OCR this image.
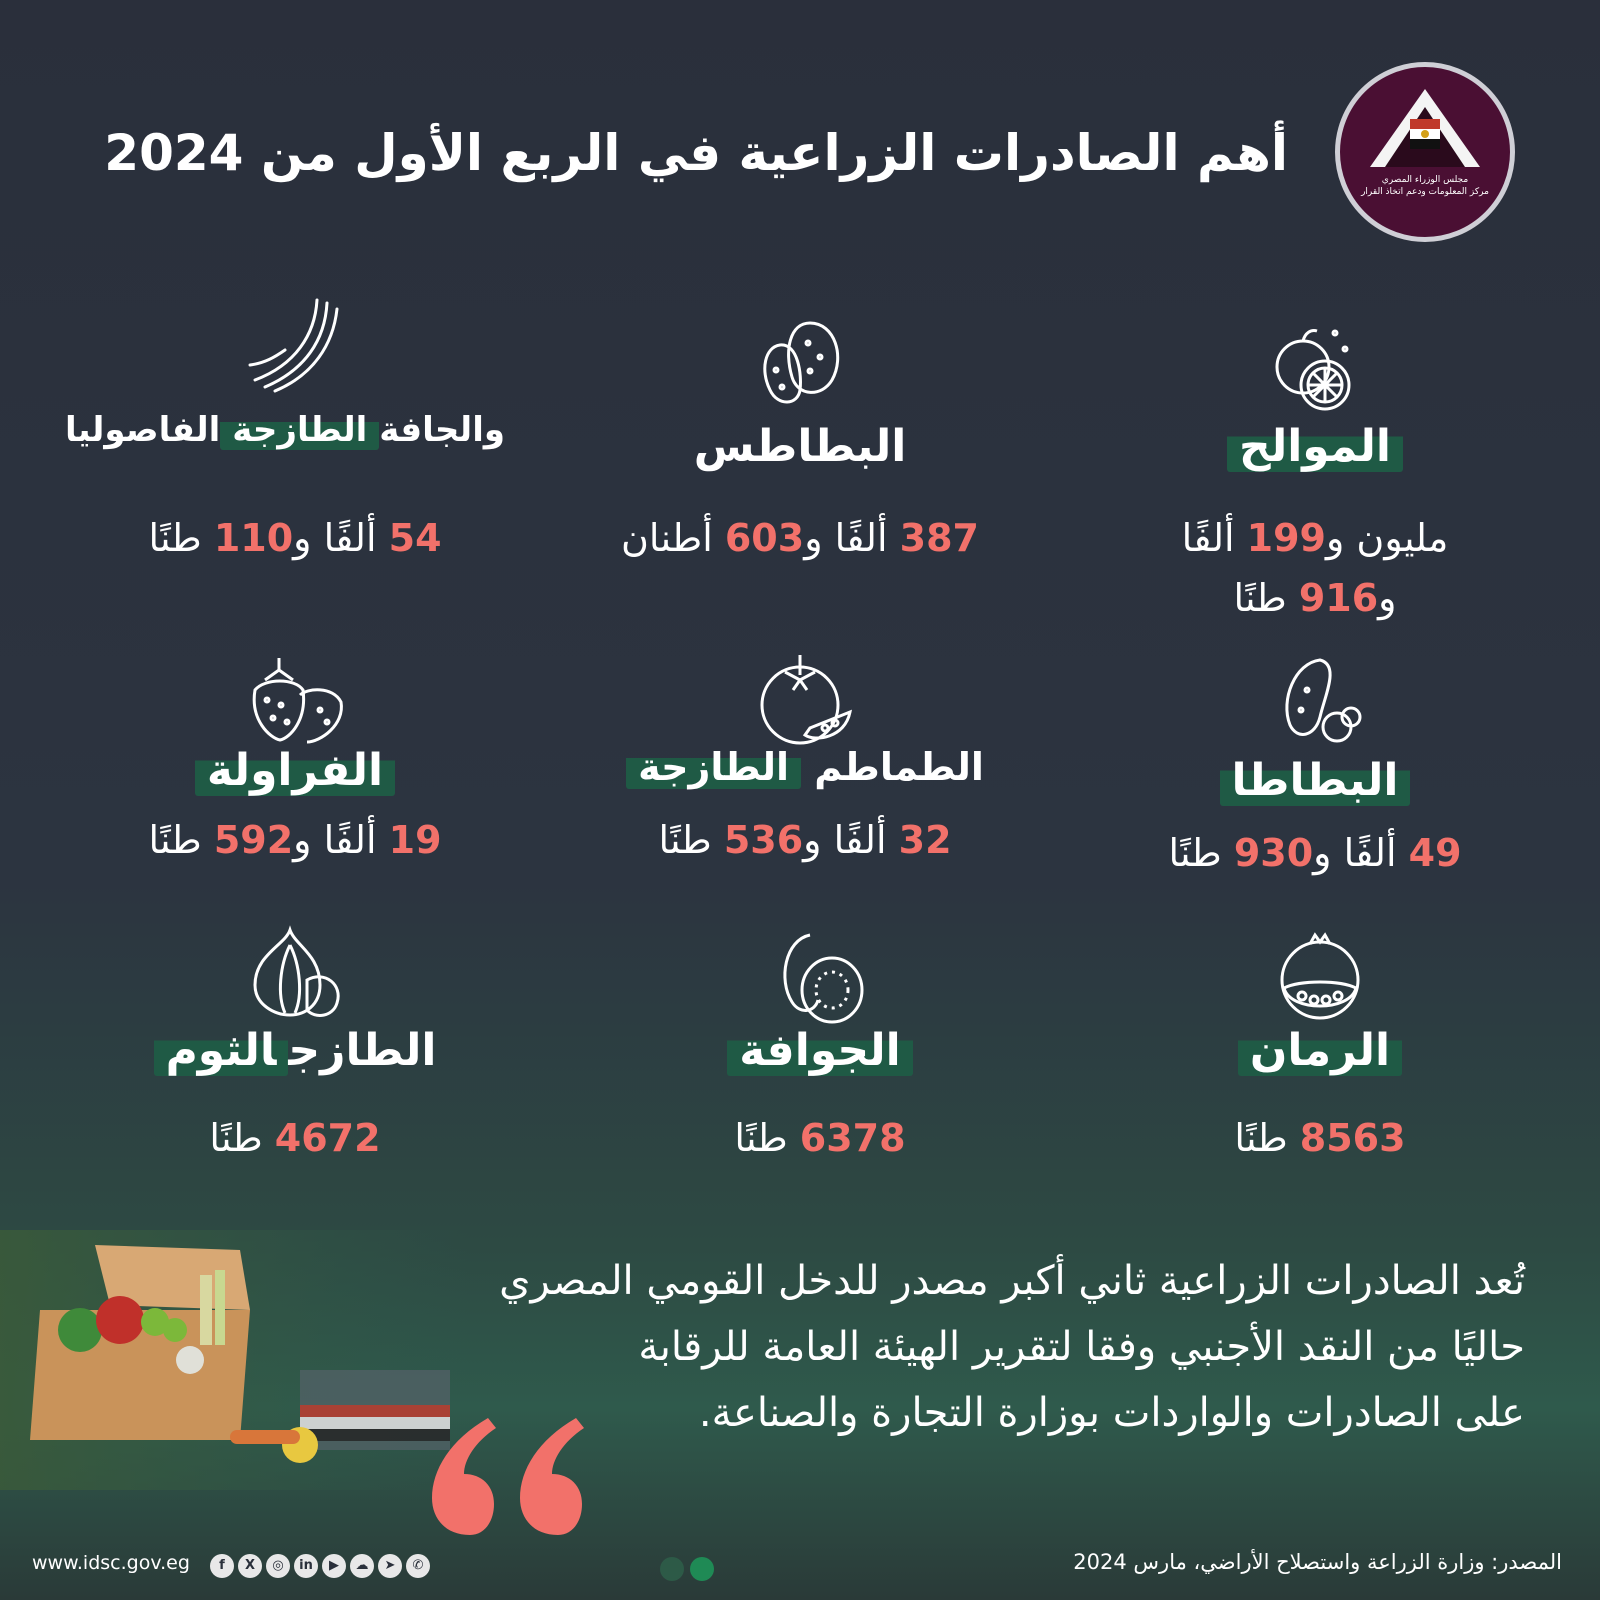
مجلس الوزراء المصري
مركز المعلومات ودعم اتخاذ القرار
أهم الصادرات الزراعية في الربع الأول من 2024
الموالح
مليون و199 ألفًا
و916 طنًا
البطاطس
387 ألفًا و603 أطنان
والجافةالطازجةالفاصوليا
54 ألفًا و110 طنًا
البطاطا
49 ألفًا و930 طنًا
الطماطم الطازجة
32 ألفًا و536 طنًا
الفراولة
19 ألفًا و592 طنًا
الرمان
8563 طنًا
الجوافة
6378 طنًا
الطازجالثوم
4672 طنًا
تُعد الصادرات الزراعية ثاني أكبر مصدر للدخل القومي المصري
حاليًا من النقد الأجنبي وفقا لتقرير الهيئة العامة للرقابة
على الصادرات والواردات بوزارة التجارة والصناعة.
www.idsc.gov.eg	f X ◎ in ▶ ☁ ➤ ✆	المصدر: وزارة الزراعة واستصلاح الأراضي، مارس 2024
